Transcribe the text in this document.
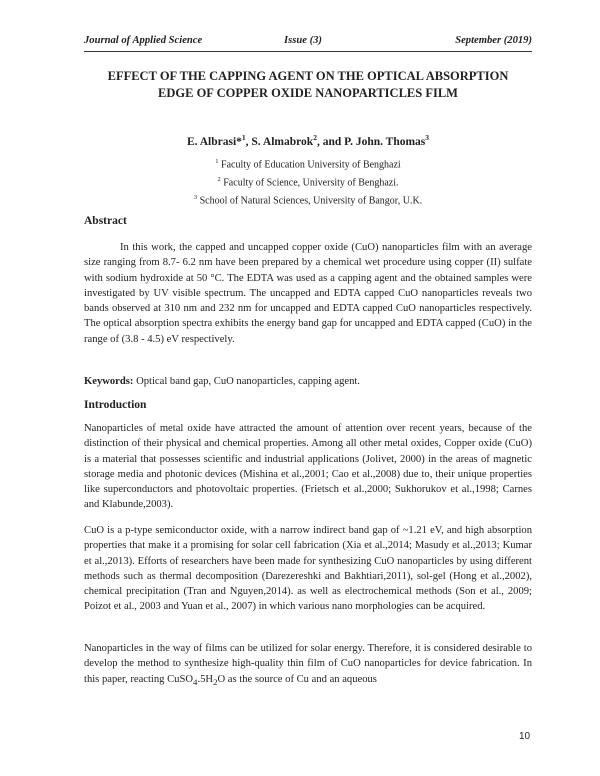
Journal of Applied Science	Issue (3)	September (2019)
EFFECT OF THE CAPPING AGENT ON THE OPTICAL ABSORPTION
EDGE OF COPPER OXIDE NANOPARTICLES FILM
E. Albrasi*$^1$, S. Almabrok$^2$, and P. John. Thomas$^3$
$^1$ Faculty of Education University of Benghazi
$^2$ Faculty of Science, University of Benghazi.
$^3$ School of Natural Sciences, University of Bangor, U.K.
Abstract

In this work, the capped and uncapped copper oxide (CuO) nanoparticles film with an average size ranging from 8.7- 6.2 nm have been prepared by a chemical wet procedure using copper (II) sulfate with sodium hydroxide at 50 °C. The EDTA was used as a capping agent and the obtained samples were investigated by UV visible spectrum. The uncapped and EDTA capped CuO nanoparticles reveals two bands observed at 310 nm and 232 nm for uncapped and EDTA capped CuO nanoparticles respectively. The optical absorption spectra exhibits the energy band gap for uncapped and EDTA capped (CuO) in the range of (3.8 - 4.5) eV respectively.

Keywords: Optical band gap, CuO nanoparticles, capping agent.

Introduction

Nanoparticles of metal oxide have attracted the amount of attention over recent years, because of the distinction of their physical and chemical properties. Among all other metal oxides, Copper oxide (CuO) is a material that possesses scientific and industrial applications (Jolivet, 2000) in the areas of magnetic storage media and photonic devices (Mishina et al.,2001; Cao et al.,2008) due to, their unique properties like superconductors and photovoltaic properties. (Frietsch et al.,2000; Sukhorukov et al.,1998; Carnes and Klabunde,2003).

CuO is a p-type semiconductor oxide, with a narrow indirect band gap of ~1.21 eV, and high absorption properties that make it a promising for solar cell fabrication (Xia et al.,2014; Masudy et al.,2013; Kumar et al.,2013). Efforts of researchers have been made for synthesizing CuO nanoparticles by using different methods such as thermal decomposition (Darezereshki and Bakhtiari,2011), sol-gel (Hong et al.,2002), chemical precipitation (Tran and Nguyen,2014). as well as electrochemical methods (Son et al., 2009; Poizot et al., 2003 and Yuan et al., 2007) in which various nano morphologies can be acquired.

Nanoparticles in the way of films can be utilized for solar energy. Therefore, it is considered desirable to develop the method to synthesize high-quality thin film of CuO nanoparticles for device fabrication. In this paper, reacting $CuSO_4.5H_2O$ as the source of Cu and an aqueous

10
